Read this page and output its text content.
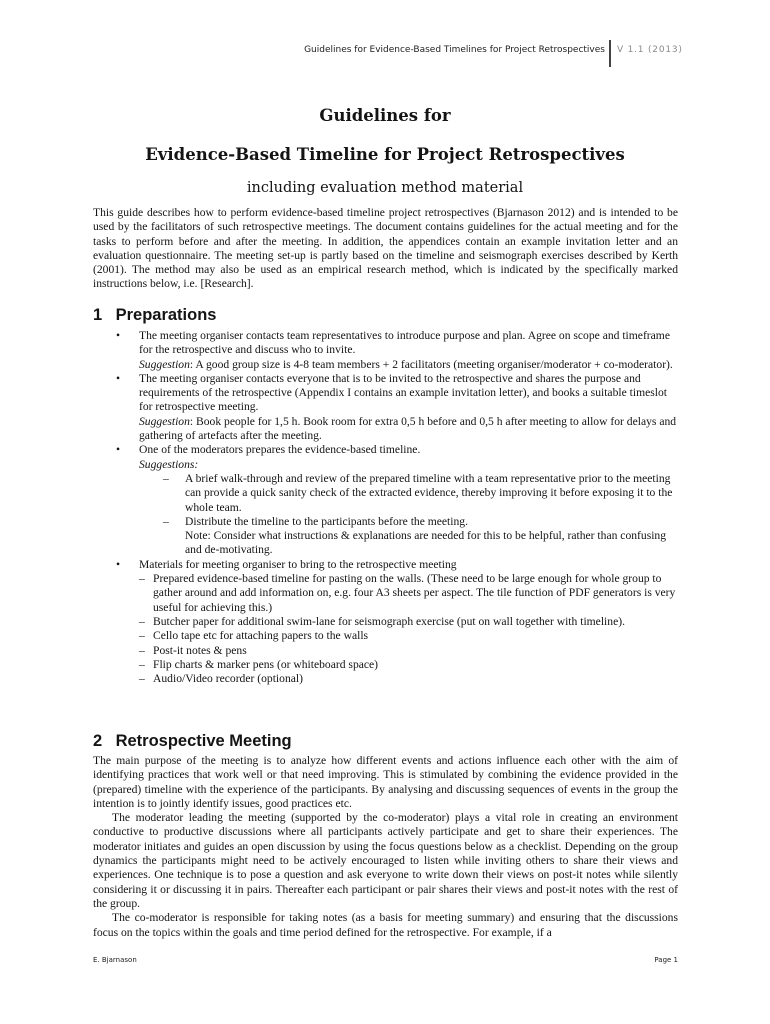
Guidelines for Evidence-Based Timelines for Project Retrospectives V 1.1 (2013)
Guidelines for
Evidence-Based Timeline for Project Retrospectives
including evaluation method material

This guide describes how to perform evidence-based timeline project retrospectives (Bjarnason 2012) and is intended to be used by the facilitators of such retrospective meetings. The document contains guidelines for the actual meeting and for the tasks to perform before and after the meeting. In addition, the appendices contain an example invitation letter and an evaluation questionnaire. The meeting set-up is partly based on the timeline and seismograph exercises described by Kerth (2001). The method may also be used as an empirical research method, which is indicated by the specifically marked instructions below, i.e. [Research].

1 Preparations
• The meeting organiser contacts team representatives to introduce purpose and plan. Agree on scope and timeframe for the retrospective and discuss who to invite.
Suggestion: A good group size is 4-8 team members + 2 facilitators (meeting organiser/moderator + co-moderator).
• The meeting organiser contacts everyone that is to be invited to the retrospective and shares the purpose and requirements of the retrospective (Appendix I contains an example invitation letter), and books a suitable timeslot for retrospective meeting.
Suggestion: Book people for 1,5 h. Book room for extra 0,5 h before and 0,5 h after meeting to allow for delays and gathering of artefacts after the meeting.
• One of the moderators prepares the evidence-based timeline.
Suggestions:
– A brief walk-through and review of the prepared timeline with a team representative prior to the meeting can provide a quick sanity check of the extracted evidence, thereby improving it before exposing it to the whole team.
– Distribute the timeline to the participants before the meeting.
Note: Consider what instructions & explanations are needed for this to be helpful, rather than confusing and de-motivating.
• Materials for meeting organiser to bring to the retrospective meeting
– Prepared evidence-based timeline for pasting on the walls. (These need to be large enough for whole group to gather around and add information on, e.g. four A3 sheets per aspect. The tile function of PDF generators is very useful for achieving this.)
– Butcher paper for additional swim-lane for seismograph exercise (put on wall together with timeline).
– Cello tape etc for attaching papers to the walls
– Post-it notes & pens
– Flip charts & marker pens (or whiteboard space)
– Audio/Video recorder (optional)
2 Retrospective Meeting

The main purpose of the meeting is to analyze how different events and actions influence each other with the aim of identifying practices that work well or that need improving. This is stimulated by combining the evidence provided in the (prepared) timeline with the experience of the participants. By analysing and discussing sequences of events in the group the intention is to jointly identify issues, good practices etc.

The moderator leading the meeting (supported by the co-moderator) plays a vital role in creating an environment conductive to productive discussions where all participants actively participate and get to share their experiences. The moderator initiates and guides an open discussion by using the focus questions below as a checklist. Depending on the group dynamics the participants might need to be actively encouraged to listen while inviting others to share their views and experiences. One technique is to pose a question and ask everyone to write down their views on post-it notes while silently considering it or discussing it in pairs. Thereafter each participant or pair shares their views and post-it notes with the rest of the group.

The co-moderator is responsible for taking notes (as a basis for meeting summary) and ensuring that the discussions focus on the topics within the goals and time period defined for the retrospective. For example, if a

E. Bjarnason	Page 1
